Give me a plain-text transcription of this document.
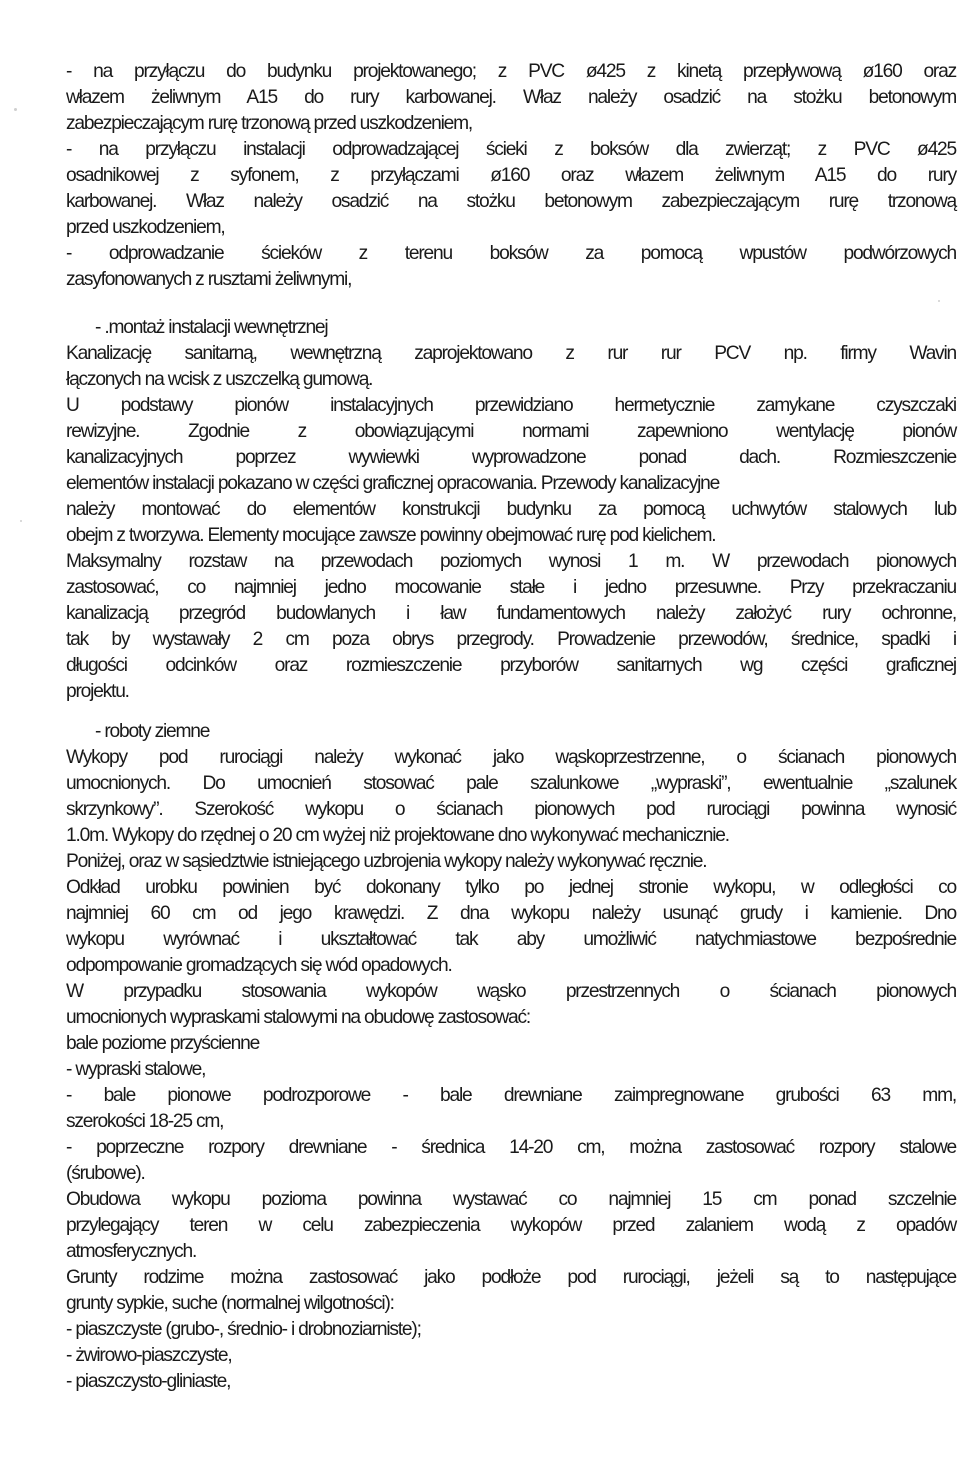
- na przyłączu do budynku projektowanego; z PVC ø425 z kinetą przepływową ø160 oraz
włazem żeliwnym A15 do rury karbowanej. Właz należy osadzić na stożku betonowym
zabezpieczającym rurę trzonową przed uszkodzeniem,
- na przyłączu instalacji odprowadzającej ścieki z boksów dla zwierząt; z PVC ø425
osadnikowej z syfonem, z przyłączami ø160 oraz włazem żeliwnym A15 do rury
karbowanej. Właz należy osadzić na stożku betonowym zabezpieczającym rurę trzonową
przed uszkodzeniem,
- odprowadzanie ścieków z terenu boksów za pomocą wpustów podwórzowych
zasyfonowanych z rusztami żeliwnymi,
- .montaż instalacji wewnętrznej
Kanalizację sanitarną, wewnętrzną zaprojektowano z rur rur PCV np. firmy Wavin
łączonych na wcisk z uszczelką gumową.
U podstawy pionów instalacyjnych przewidziano hermetycznie zamykane czyszczaki
rewizyjne. Zgodnie z obowiązującymi normami zapewniono wentylację pionów
kanalizacyjnych poprzez wywiewki wyprowadzone ponad dach. Rozmieszczenie
elementów instalacji pokazano w części graficznej opracowania. Przewody kanalizacyjne
należy montować do elementów konstrukcji budynku za pomocą uchwytów stalowych lub
obejm z tworzywa. Elementy mocujące zawsze powinny obejmować rurę pod kielichem.
Maksymalny rozstaw na przewodach poziomych wynosi 1 m. W przewodach pionowych
zastosować, co najmniej jedno mocowanie stałe i jedno przesuwne. Przy przekraczaniu
kanalizacją przegród budowlanych i ław fundamentowych należy założyć rury ochronne,
tak by wystawały 2 cm poza obrys przegrody. Prowadzenie przewodów, średnice, spadki i
długości odcinków oraz rozmieszczenie przyborów sanitarnych wg części graficznej
projektu.
- roboty ziemne
Wykopy pod rurociągi należy wykonać jako wąskoprzestrzenne, o ścianach pionowych
umocnionych. Do umocnień stosować pale szalunkowe „wypraski”, ewentualnie „szalunek
skrzynkowy”. Szerokość wykopu o ścianach pionowych pod rurociągi powinna wynosić
1.0m. Wykopy do rzędnej o 20 cm wyżej niż projektowane dno wykonywać mechanicznie.
Poniżej, oraz w sąsiedztwie istniejącego uzbrojenia wykopy należy wykonywać ręcznie.
Odkład urobku powinien być dokonany tylko po jednej stronie wykopu, w odległości co
najmniej 60 cm od jego krawędzi. Z dna wykopu należy usunąć grudy i kamienie. Dno
wykopu wyrównać i ukształtować tak aby umożliwić natychmiastowe bezpośrednie
odpompowanie gromadzących się wód opadowych.
W przypadku stosowania wykopów wąsko przestrzennych o ścianach pionowych
umocnionych wypraskami stalowymi na obudowę zastosować:
bale poziome przyścienne
- wypraski stalowe,
- bale pionowe podrozporowe - bale drewniane zaimpregnowane grubości 63 mm,
szerokości 18-25 cm,
- poprzeczne rozpory drewniane - średnica 14-20 cm, można zastosować rozpory stalowe
(śrubowe).
Obudowa wykopu pozioma powinna wystawać co najmniej 15 cm ponad szczelnie
przylegający teren w celu zabezpieczenia wykopów przed zalaniem wodą z opadów
atmosferycznych.
Grunty rodzime można zastosować jako podłoże pod rurociągi, jeżeli są to następujące
grunty sypkie, suche (normalnej wilgotności):
- piaszczyste (grubo-, średnio- i drobnoziarniste);
- żwirowo-piaszczyste,
- piaszczysto-gliniaste,
